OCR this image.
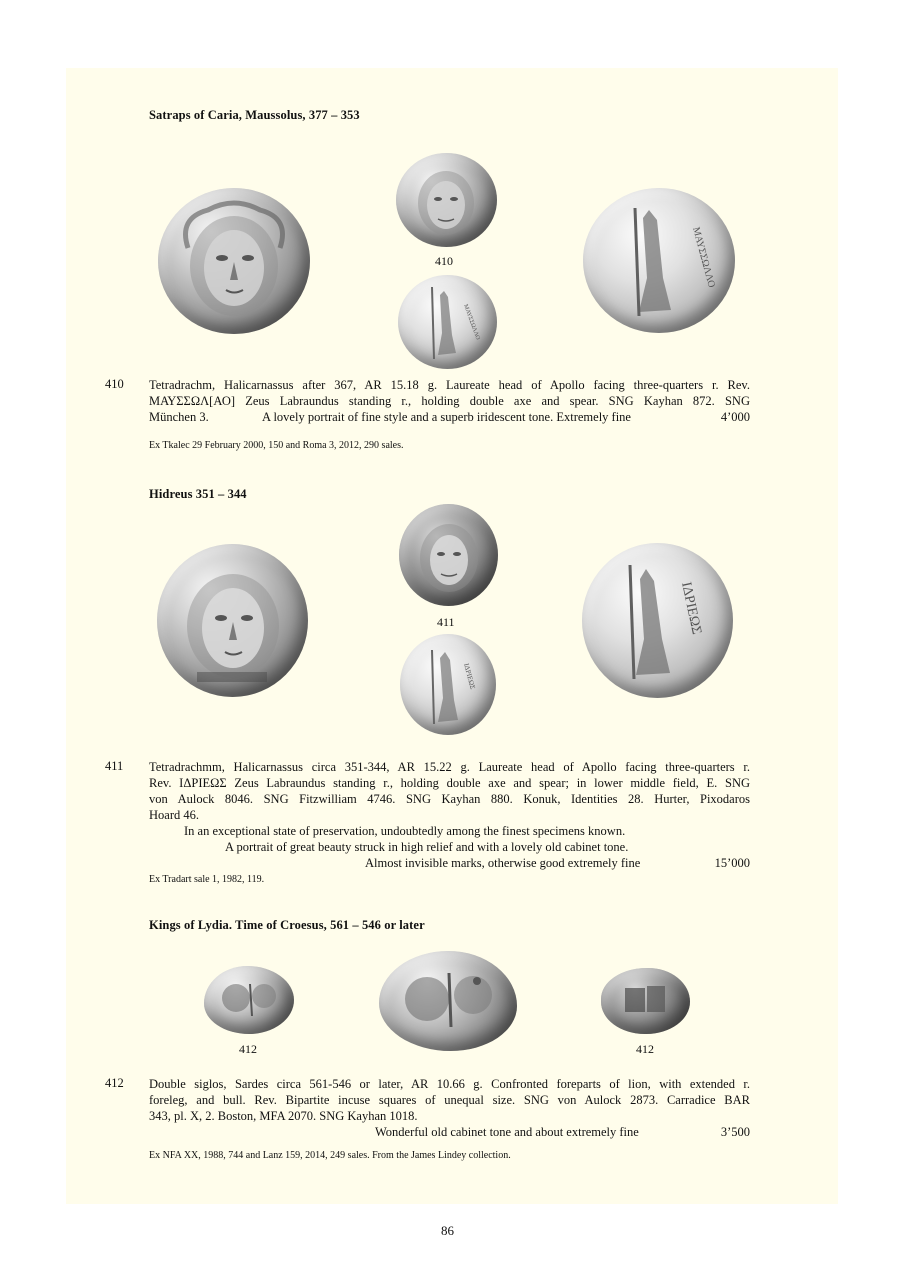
Satraps of Caria, Maussolus, 377 – 353
410
ΜΑΥΣΣΩΛΛΟ
ΜΑΥΣΣΩΛΛΟ
410 Tetradrachm, Halicarnassus after 367, AR 15.18 g. Laureate head of Apollo facing three-quarters r. Rev.
ΜΑΥΣΣΩΛ[ΑΟ] Zeus Labraundus standing r., holding double axe and spear. SNG Kayhan 872. SNG
München 3.	A lovely portrait of fine style and a superb iridescent tone. Extremely fine	4’000
Ex Tkalec 29 February 2000, 150 and Roma 3, 2012, 290 sales.
Hidreus 351 – 344
411
ΙΔΡΙΕΩΣ
ΙΔΡΙΕΩΣ
411 Tetradrachmm, Halicarnassus circa 351-344, AR 15.22 g. Laureate head of Apollo facing three-quarters r.
Rev. ΙΔΡΙΕΩΣ Zeus Labraundus standing r., holding double axe and spear; in lower middle field, E. SNG
von Aulock 8046. SNG Fitzwilliam 4746. SNG Kayhan 880. Konuk, Identities 28. Hurter, Pixodaros
Hoard 46.
In an exceptional state of preservation, undoubtedly among the finest specimens known.
A portrait of great beauty struck in high relief and with a lovely old cabinet tone.
Almost invisible marks, otherwise good extremely fine	15’000
Ex Tradart sale 1, 1982, 119.
Kings of Lydia. Time of Croesus, 561 – 546 or later
412	412
412 Double siglos, Sardes circa 561-546 or later, AR 10.66 g. Confronted foreparts of lion, with extended r.
foreleg, and bull. Rev. Bipartite incuse squares of unequal size. SNG von Aulock 2873. Carradice BAR
343, pl. X, 2. Boston, MFA 2070. SNG Kayhan 1018.
Wonderful old cabinet tone and about extremely fine	3’500
Ex NFA XX, 1988, 744 and Lanz 159, 2014, 249 sales. From the James Lindey collection.
86
